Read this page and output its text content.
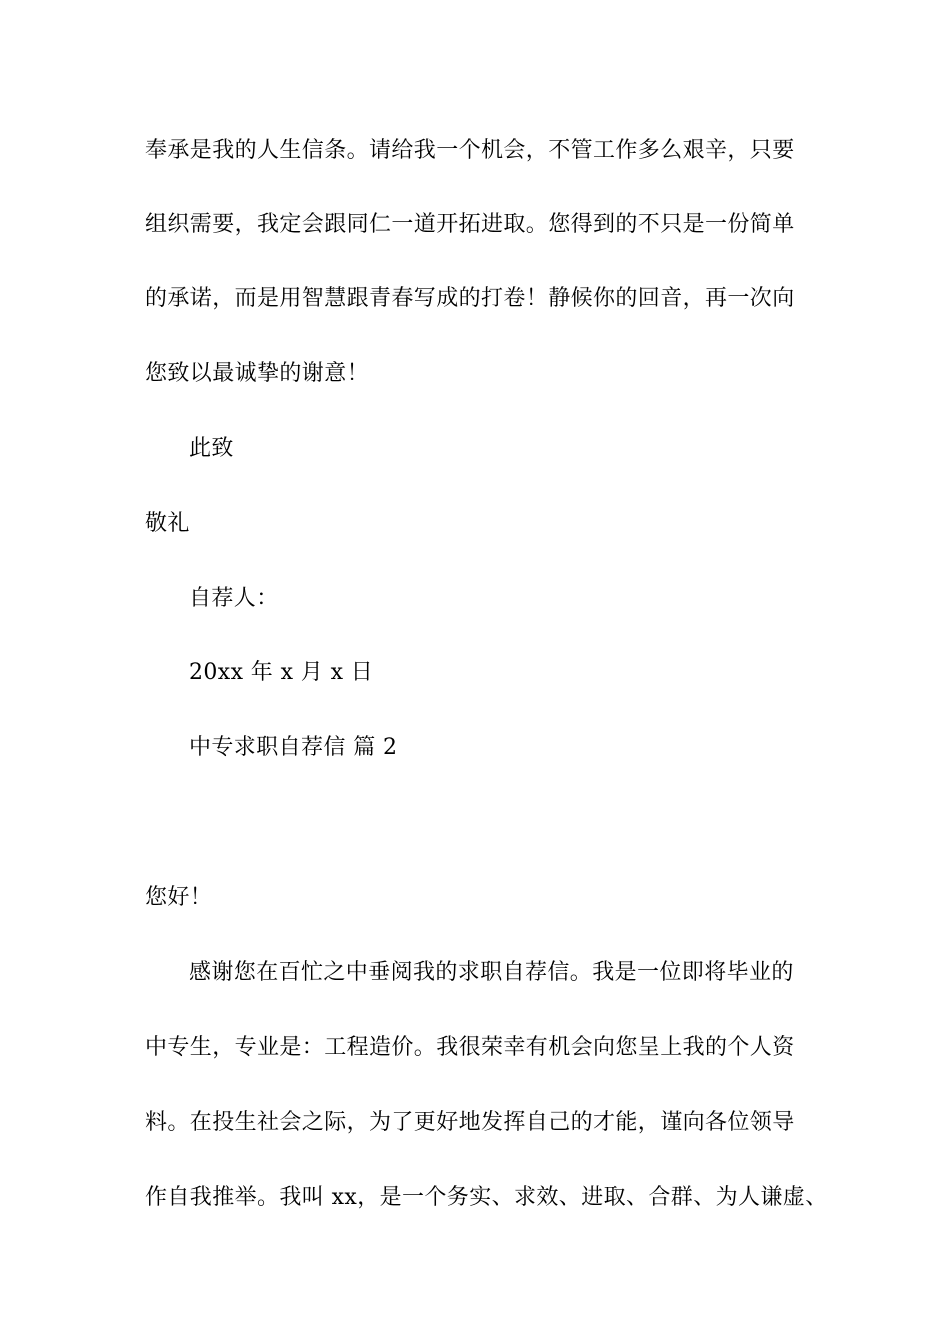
奉承是我的人生信条。请给我一个机会，不管工作多么艰辛，只要
组织需要，我定会跟同仁一道开拓进取。您得到的不只是一份简单
的承诺，而是用智慧跟青春写成的打卷！静候你的回音，再一次向
您致以最诚挚的谢意！
此致
敬礼
自荐人：
20xx 年 x 月 x 日
中专求职自荐信 篇 2
您好！
感谢您在百忙之中垂阅我的求职自荐信。我是一位即将毕业的
中专生，专业是：工程造价。我很荣幸有机会向您呈上我的个人资
料。在投生社会之际，为了更好地发挥自己的才能，谨向各位领导
作自我推举。我叫 xx，是一个务实、求效、进取、合群、为人谦虚、
